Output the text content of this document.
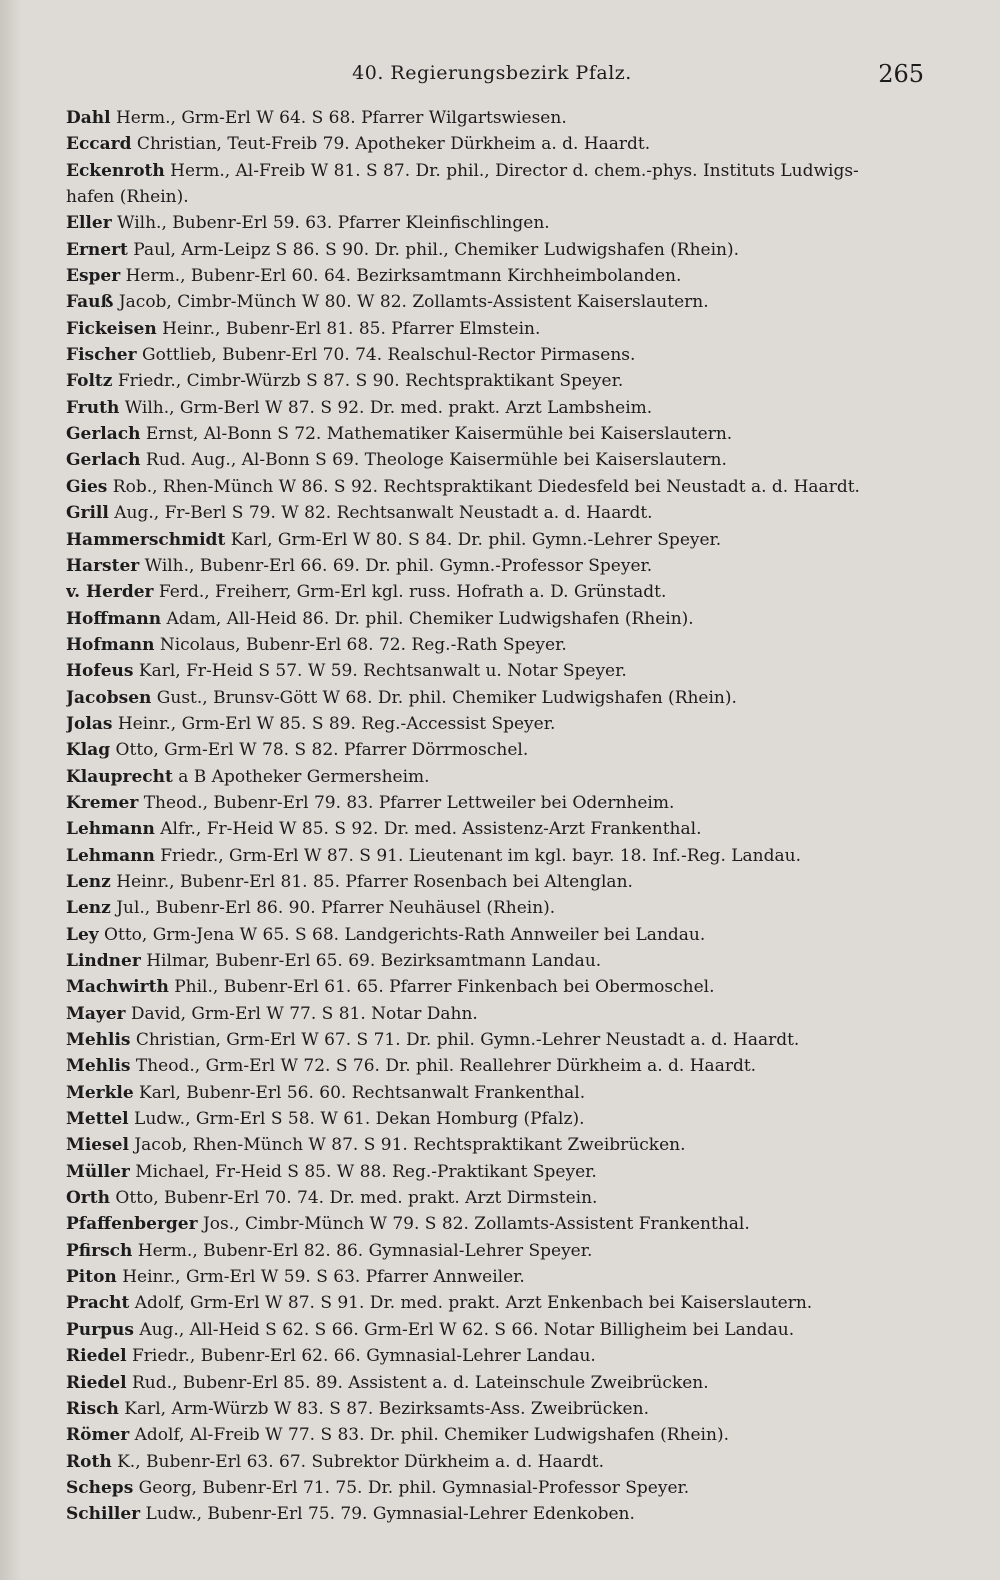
40. Regierungsbezirk Pfalz.	265
Dahl Herm., Grm-Erl W 64. S 68. Pfarrer Wilgartswiesen.
Eccard Christian, Teut-Freib 79. Apotheker Dürkheim a. d. Haardt.
Eckenroth Herm., Al-Freib W 81. S 87. Dr. phil., Director d. chem.-phys. Instituts Ludwigs-
hafen (Rhein).
Eller Wilh., Bubenr-Erl 59. 63. Pfarrer Kleinfischlingen.
Ernert Paul, Arm-Leipz S 86. S 90. Dr. phil., Chemiker Ludwigshafen (Rhein).
Esper Herm., Bubenr-Erl 60. 64. Bezirksamtmann Kirchheimbolanden.
Fauß Jacob, Cimbr-Münch W 80. W 82. Zollamts-Assistent Kaiserslautern.
Fickeisen Heinr., Bubenr-Erl 81. 85. Pfarrer Elmstein.
Fischer Gottlieb, Bubenr-Erl 70. 74. Realschul-Rector Pirmasens.
Foltz Friedr., Cimbr-Würzb S 87. S 90. Rechtspraktikant Speyer.
Fruth Wilh., Grm-Berl W 87. S 92. Dr. med. prakt. Arzt Lambsheim.
Gerlach Ernst, Al-Bonn S 72. Mathematiker Kaisermühle bei Kaiserslautern.
Gerlach Rud. Aug., Al-Bonn S 69. Theologe Kaisermühle bei Kaiserslautern.
Gies Rob., Rhen-Münch W 86. S 92. Rechtspraktikant Diedesfeld bei Neustadt a. d. Haardt.
Grill Aug., Fr-Berl S 79. W 82. Rechtsanwalt Neustadt a. d. Haardt.
Hammerschmidt Karl, Grm-Erl W 80. S 84. Dr. phil. Gymn.-Lehrer Speyer.
Harster Wilh., Bubenr-Erl 66. 69. Dr. phil. Gymn.-Professor Speyer.
v. Herder Ferd., Freiherr, Grm-Erl kgl. russ. Hofrath a. D. Grünstadt.
Hoffmann Adam, All-Heid 86. Dr. phil. Chemiker Ludwigshafen (Rhein).
Hofmann Nicolaus, Bubenr-Erl 68. 72. Reg.-Rath Speyer.
Hofeus Karl, Fr-Heid S 57. W 59. Rechtsanwalt u. Notar Speyer.
Jacobsen Gust., Brunsv-Gött W 68. Dr. phil. Chemiker Ludwigshafen (Rhein).
Jolas Heinr., Grm-Erl W 85. S 89. Reg.-Accessist Speyer.
Klag Otto, Grm-Erl W 78. S 82. Pfarrer Dörrmoschel.
Klauprecht a B Apotheker Germersheim.
Kremer Theod., Bubenr-Erl 79. 83. Pfarrer Lettweiler bei Odernheim.
Lehmann Alfr., Fr-Heid W 85. S 92. Dr. med. Assistenz-Arzt Frankenthal.
Lehmann Friedr., Grm-Erl W 87. S 91. Lieutenant im kgl. bayr. 18. Inf.-Reg. Landau.
Lenz Heinr., Bubenr-Erl 81. 85. Pfarrer Rosenbach bei Altenglan.
Lenz Jul., Bubenr-Erl 86. 90. Pfarrer Neuhäusel (Rhein).
Ley Otto, Grm-Jena W 65. S 68. Landgerichts-Rath Annweiler bei Landau.
Lindner Hilmar, Bubenr-Erl 65. 69. Bezirksamtmann Landau.
Machwirth Phil., Bubenr-Erl 61. 65. Pfarrer Finkenbach bei Obermoschel.
Mayer David, Grm-Erl W 77. S 81. Notar Dahn.
Mehlis Christian, Grm-Erl W 67. S 71. Dr. phil. Gymn.-Lehrer Neustadt a. d. Haardt.
Mehlis Theod., Grm-Erl W 72. S 76. Dr. phil. Reallehrer Dürkheim a. d. Haardt.
Merkle Karl, Bubenr-Erl 56. 60. Rechtsanwalt Frankenthal.
Mettel Ludw., Grm-Erl S 58. W 61. Dekan Homburg (Pfalz).
Miesel Jacob, Rhen-Münch W 87. S 91. Rechtspraktikant Zweibrücken.
Müller Michael, Fr-Heid S 85. W 88. Reg.-Praktikant Speyer.
Orth Otto, Bubenr-Erl 70. 74. Dr. med. prakt. Arzt Dirmstein.
Pfaffenberger Jos., Cimbr-Münch W 79. S 82. Zollamts-Assistent Frankenthal.
Pfirsch Herm., Bubenr-Erl 82. 86. Gymnasial-Lehrer Speyer.
Piton Heinr., Grm-Erl W 59. S 63. Pfarrer Annweiler.
Pracht Adolf, Grm-Erl W 87. S 91. Dr. med. prakt. Arzt Enkenbach bei Kaiserslautern.
Purpus Aug., All-Heid S 62. S 66. Grm-Erl W 62. S 66. Notar Billigheim bei Landau.
Riedel Friedr., Bubenr-Erl 62. 66. Gymnasial-Lehrer Landau.
Riedel Rud., Bubenr-Erl 85. 89. Assistent a. d. Lateinschule Zweibrücken.
Risch Karl, Arm-Würzb W 83. S 87. Bezirksamts-Ass. Zweibrücken.
Römer Adolf, Al-Freib W 77. S 83. Dr. phil. Chemiker Ludwigshafen (Rhein).
Roth K., Bubenr-Erl 63. 67. Subrektor Dürkheim a. d. Haardt.
Scheps Georg, Bubenr-Erl 71. 75. Dr. phil. Gymnasial-Professor Speyer.
Schiller Ludw., Bubenr-Erl 75. 79. Gymnasial-Lehrer Edenkoben.
